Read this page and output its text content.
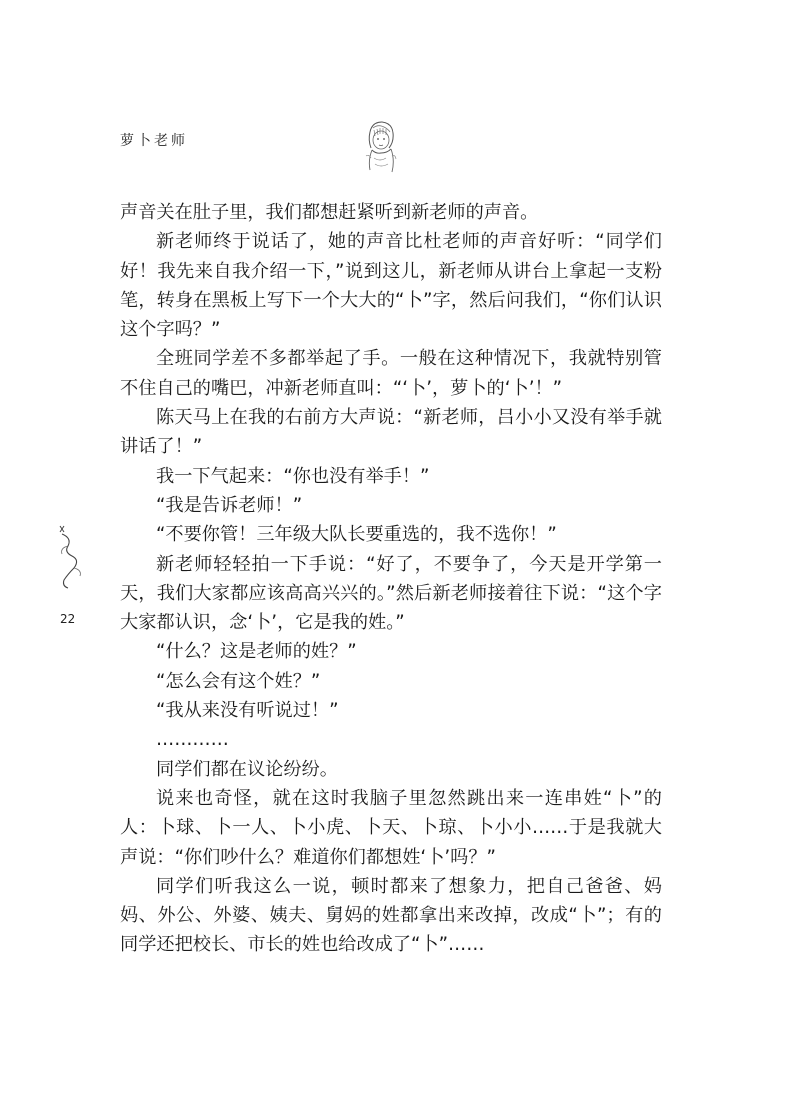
萝卜老师

声音关在肚子里，我们都想赶紧听到新老师的声音。

新老师终于说话了，她的声音比杜老师的声音好听：“同学们好！我先来自我介绍一下，”说到这儿，新老师从讲台上拿起一支粉笔，转身在黑板上写下一个大大的“卜”字，然后问我们，“你们认识这个字吗？”

全班同学差不多都举起了手。一般在这种情况下，我就特别管不住自己的嘴巴，冲新老师直叫：“‘卜’，萝卜的‘卜’！”

陈天马上在我的右前方大声说：“新老师，吕小小又没有举手就讲话了！”

我一下气起来：“你也没有举手！”

“我是告诉老师！”

“不要你管！三年级大队长要重选的，我不选你！”

新老师轻轻拍一下手说：“好了，不要争了，今天是开学第一天，我们大家都应该高高兴兴的。”然后新老师接着往下说：“这个字大家都认识，念‘卜’，它是我的姓。”

“什么？这是老师的姓？”

“怎么会有这个姓？”

“我从来没有听说过！”

…………

同学们都在议论纷纷。

说来也奇怪，就在这时我脑子里忽然跳出来一连串姓“卜”的人：卜球、卜一人、卜小虎、卜天、卜琼、卜小小……于是我就大声说：“你们吵什么？难道你们都想姓‘卜’吗？”

同学们听我这么一说，顿时都来了想象力，把自己爸爸、妈妈、外公、外婆、姨夫、舅妈的姓都拿出来改掉，改成“卜”；有的同学还把校长、市长的姓也给改成了“卜”……

22
